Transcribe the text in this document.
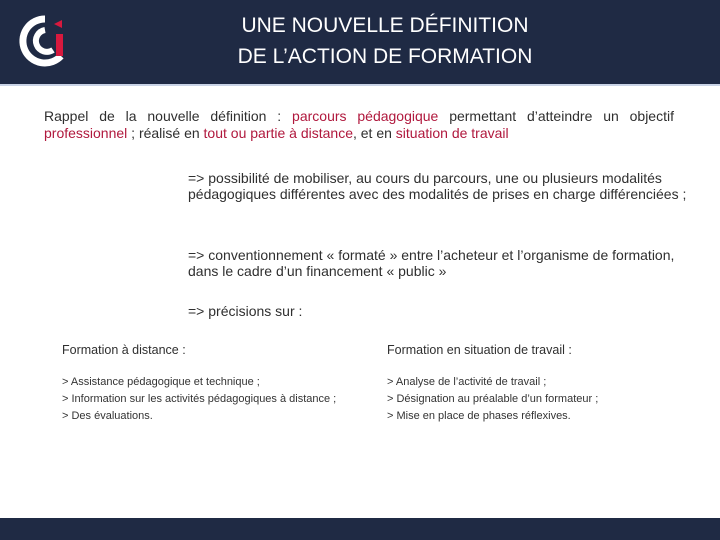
UNE NOUVELLE DÉFINITION
DE L’ACTION DE FORMATION
Rappel de la nouvelle définition : parcours pédagogique permettant d’atteindre un objectif professionnel ; réalisé en tout ou partie à distance, et en situation de travail
=> possibilité de mobiliser, au cours du parcours, une ou plusieurs modalités pédagogiques différentes avec des modalités de prises en charge différenciées ;
=> conventionnement « formaté » entre l’acheteur et l’organisme de formation, dans le cadre d’un financement « public »
=> précisions sur :
Formation à distance :	Formation en situation de travail :
> Assistance pédagogique et technique ;
> Information sur les activités pédagogiques à distance ;
> Des évaluations.
> Analyse de l’activité de travail ;
> Désignation au préalable d’un formateur ;
> Mise en place de phases réflexives.
